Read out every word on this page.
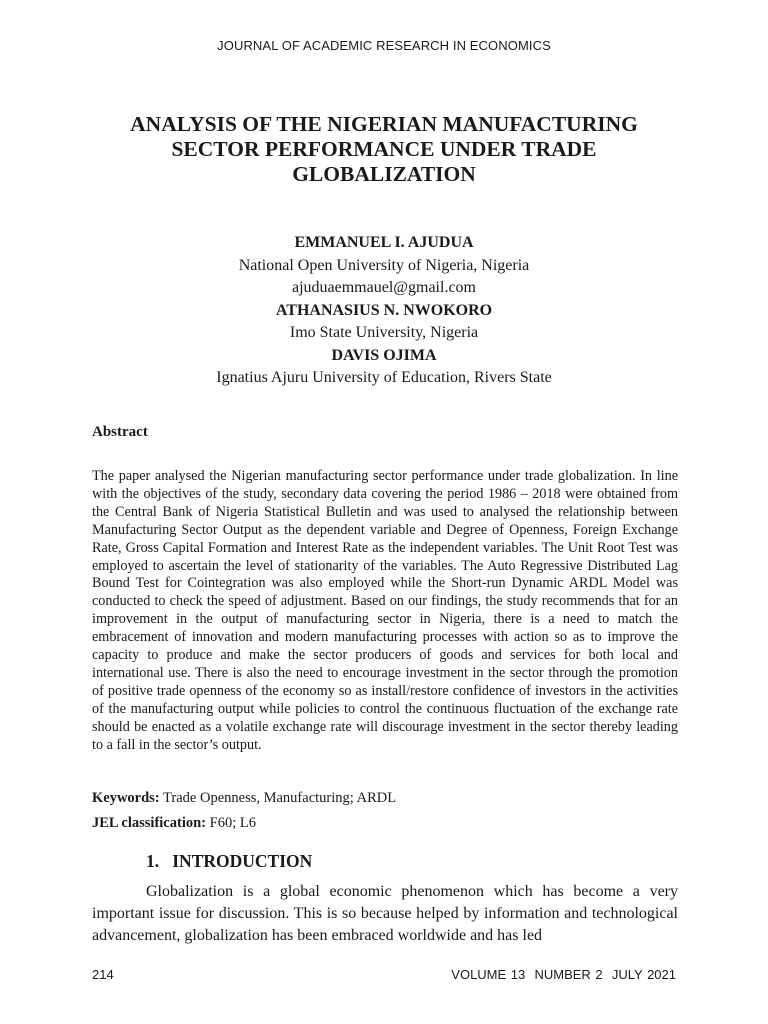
JOURNAL OF ACADEMIC RESEARCH IN ECONOMICS
ANALYSIS OF THE NIGERIAN MANUFACTURING SECTOR PERFORMANCE UNDER TRADE GLOBALIZATION
EMMANUEL I. AJUDUA
National Open University of Nigeria, Nigeria
ajuduaemmauel@gmail.com
ATHANASIUS N. NWOKORO
Imo State University, Nigeria
DAVIS OJIMA
Ignatius Ajuru University of Education, Rivers State
Abstract

The paper analysed the Nigerian manufacturing sector performance under trade globalization. In line with the objectives of the study, secondary data covering the period 1986 – 2018 were obtained from the Central Bank of Nigeria Statistical Bulletin and was used to analysed the relationship between Manufacturing Sector Output as the dependent variable and Degree of Openness, Foreign Exchange Rate, Gross Capital Formation and Interest Rate as the independent variables. The Unit Root Test was employed to ascertain the level of stationarity of the variables. The Auto Regressive Distributed Lag Bound Test for Cointegration was also employed while the Short-run Dynamic ARDL Model was conducted to check the speed of adjustment. Based on our findings, the study recommends that for an improvement in the output of manufacturing sector in Nigeria, there is a need to match the embracement of innovation and modern manufacturing processes with action so as to improve the capacity to produce and make the sector producers of goods and services for both local and international use. There is also the need to encourage investment in the sector through the promotion of positive trade openness of the economy so as install/restore confidence of investors in the activities of the manufacturing output while policies to control the continuous fluctuation of the exchange rate should be enacted as a volatile exchange rate will discourage investment in the sector thereby leading to a fall in the sector’s output.

Keywords: Trade Openness, Manufacturing; ARDL
JEL classification: F60; L6
1.   INTRODUCTION

Globalization is a global economic phenomenon which has become a very important issue for discussion. This is so because helped by information and technological advancement, globalization has been embraced worldwide and has led

214	VOLUME 13  NUMBER 2  JULY 2021
